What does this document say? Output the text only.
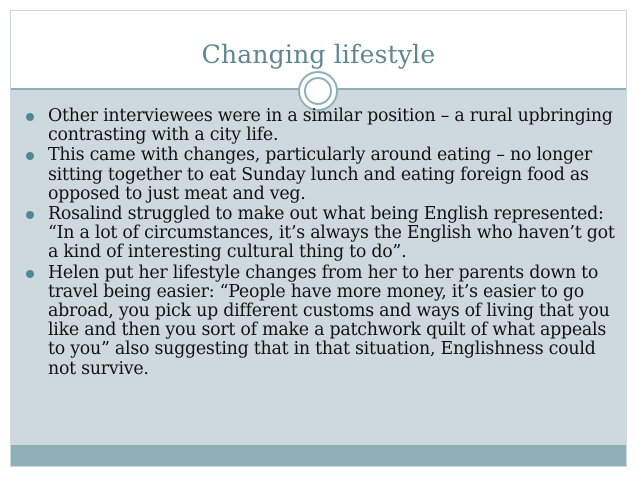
Changing lifestyle
Other interviewees were in a similar position – a rural upbringing contrasting with a city life.
This came with changes, particularly around eating – no longer sitting together to eat Sunday lunch and eating foreign food as opposed to just meat and veg.
Rosalind struggled to make out what being English represented: “In a lot of circumstances, it’s always the English who haven’t got a kind of interesting cultural thing to do”.
Helen put her lifestyle changes from her to her parents down to travel being easier: “People have more money, it’s easier to go abroad, you pick up different customs and ways of living that you like and then you sort of make a patchwork quilt of what appeals to you” also suggesting that in that situation, Englishness could not survive.
